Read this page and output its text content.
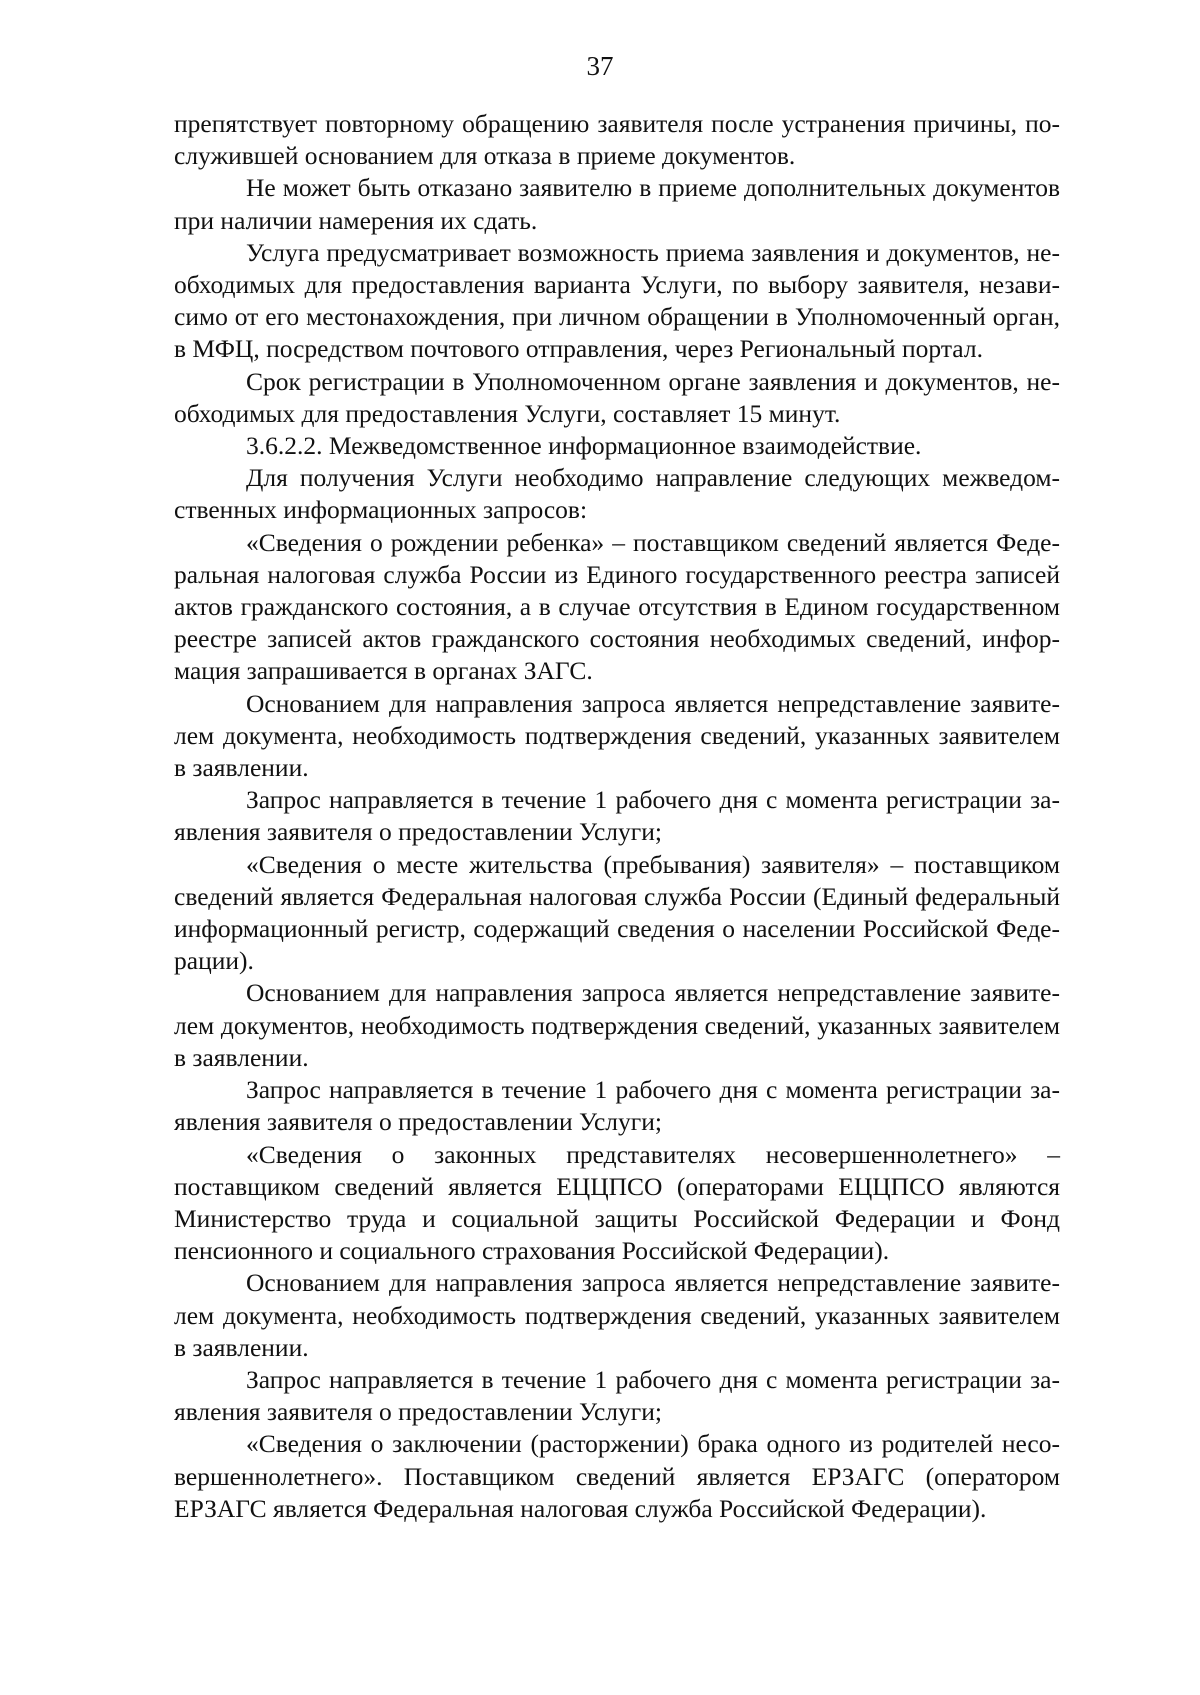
37

препятствует повторному обращению заявителя после устранения причины, послужившей основанием для отказа в приеме документов.

Не может быть отказано заявителю в приеме дополнительных документов при наличии намерения их сдать.

Услуга предусматривает возможность приема заявления и документов, необходимых для предоставления варианта Услуги, по выбору заявителя, независимо от его местонахождения, при личном обращении в Уполномоченный орган, в МФЦ, посредством почтового отправления, через Региональный портал.

Срок регистрации в Уполномоченном органе заявления и документов, необходимых для предоставления Услуги, составляет 15 минут.

3.6.2.2. Межведомственное информационное взаимодействие.

Для получения Услуги необходимо направление следующих межведомственных информационных запросов:

«Сведения о рождении ребенка» – поставщиком сведений является Федеральная налоговая служба России из Единого государственного реестра записей актов гражданского состояния, а в случае отсутствия в Едином государственном реестре записей актов гражданского состояния необходимых сведений, информация запрашивается в органах ЗАГС.

Основанием для направления запроса является непредставление заявителем документа, необходимость подтверждения сведений, указанных заявителем в заявлении.

Запрос направляется в течение 1 рабочего дня с момента регистрации заявления заявителя о предоставлении Услуги;

«Сведения о месте жительства (пребывания) заявителя» – поставщиком сведений является Федеральная налоговая служба России (Единый федеральный информационный регистр, содержащий сведения о населении Российской Федерации).

Основанием для направления запроса является непредставление заявителем документов, необходимость подтверждения сведений, указанных заявителем в заявлении.

Запрос направляется в течение 1 рабочего дня с момента регистрации заявления заявителя о предоставлении Услуги;

«Сведения о законных представителях несовершеннолетнего» – поставщиком сведений является ЕЦЦПСО (операторами ЕЦЦПСО являются Министерство труда и социальной защиты Российской Федерации и Фонд пенсионного и социального страхования Российской Федерации).

Основанием для направления запроса является непредставление заявителем документа, необходимость подтверждения сведений, указанных заявителем в заявлении.

Запрос направляется в течение 1 рабочего дня с момента регистрации заявления заявителя о предоставлении Услуги;

«Сведения о заключении (расторжении) брака одного из родителей несовершеннолетнего». Поставщиком сведений является ЕРЗАГС (оператором ЕРЗАГС является Федеральная налоговая служба Российской Федерации).
